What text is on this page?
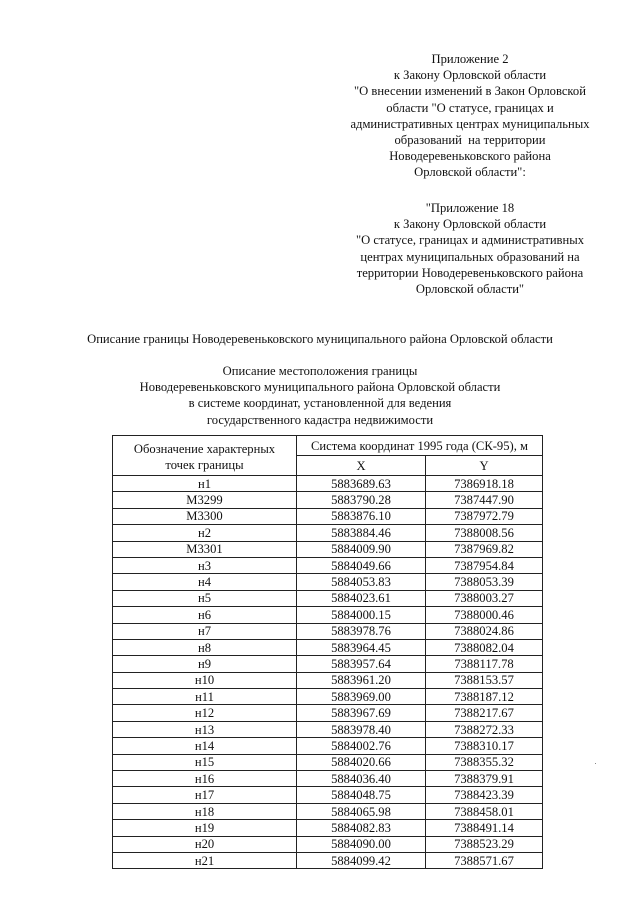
Приложение 2
к Закону Орловской области
"О внесении изменений в Закон Орловской
области "О статусе, границах и
административных центрах муниципальных
образований  на территории
Новодеревеньковского района
Орловской области":
"Приложение 18
к Закону Орловской области
"О статусе, границах и административных
центрах муниципальных образований на
территории Новодеревеньковского района
Орловской области"
Описание границы Новодеревеньковского муниципального района Орловской области
Описание местоположения границы
Новодеревеньковского муниципального района Орловской области
в системе координат, установленной для ведения
государственного кадастра недвижимости
Обозначение характерных
точек границы	Система координат 1995 года (СК-95), м	
	X	Y
н1	5883689.63	7386918.18
М3299	5883790.28	7387447.90
М3300	5883876.10	7387972.79
н2	5883884.46	7388008.56
М3301	5884009.90	7387969.82
н3	5884049.66	7387954.84
н4	5884053.83	7388053.39
н5	5884023.61	7388003.27
н6	5884000.15	7388000.46
н7	5883978.76	7388024.86
н8	5883964.45	7388082.04
н9	5883957.64	7388117.78
н10	5883961.20	7388153.57
н11	5883969.00	7388187.12
н12	5883967.69	7388217.67
н13	5883978.40	7388272.33
н14	5884002.76	7388310.17
н15	5884020.66	7388355.32
н16	5884036.40	7388379.91
н17	5884048.75	7388423.39
н18	5884065.98	7388458.01
н19	5884082.83	7388491.14
н20	5884090.00	7388523.29
н21	5884099.42	7388571.67
